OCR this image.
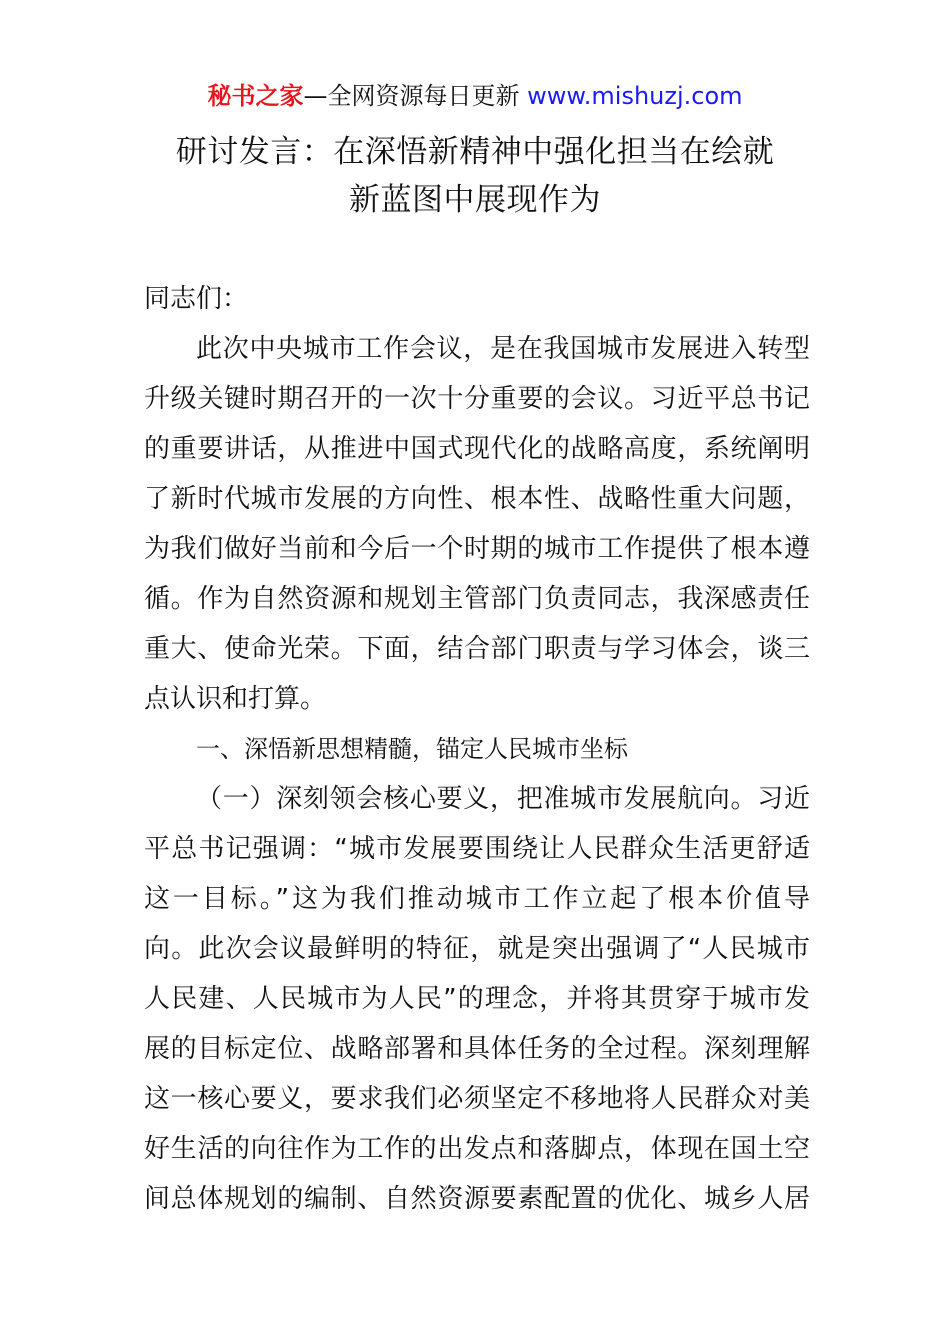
秘书之家—全网资源每日更新 www.mishuzj.com
研讨发言：在深悟新精神中强化担当在绘就
新蓝图中展现作为
同志们：
此次中央城市工作会议，是在我国城市发展进入转型
升级关键时期召开的一次十分重要的会议。习近平总书记
的重要讲话，从推进中国式现代化的战略高度，系统阐明
了新时代城市发展的方向性、根本性、战略性重大问题，
为我们做好当前和今后一个时期的城市工作提供了根本遵
循。作为自然资源和规划主管部门负责同志，我深感责任
重大、使命光荣。下面，结合部门职责与学习体会，谈三
点认识和打算。
一、深悟新思想精髓，锚定人民城市坐标
（一）深刻领会核心要义，把准城市发展航向。习近
平总书记强调：“城市发展要围绕让人民群众生活更舒适
这一目标。”这为我们推动城市工作立起了根本价值导
向。此次会议最鲜明的特征，就是突出强调了“人民城市
人民建、人民城市为人民”的理念，并将其贯穿于城市发
展的目标定位、战略部署和具体任务的全过程。深刻理解
这一核心要义，要求我们必须坚定不移地将人民群众对美
好生活的向往作为工作的出发点和落脚点，体现在国土空
间总体规划的编制、自然资源要素配置的优化、城乡人居
